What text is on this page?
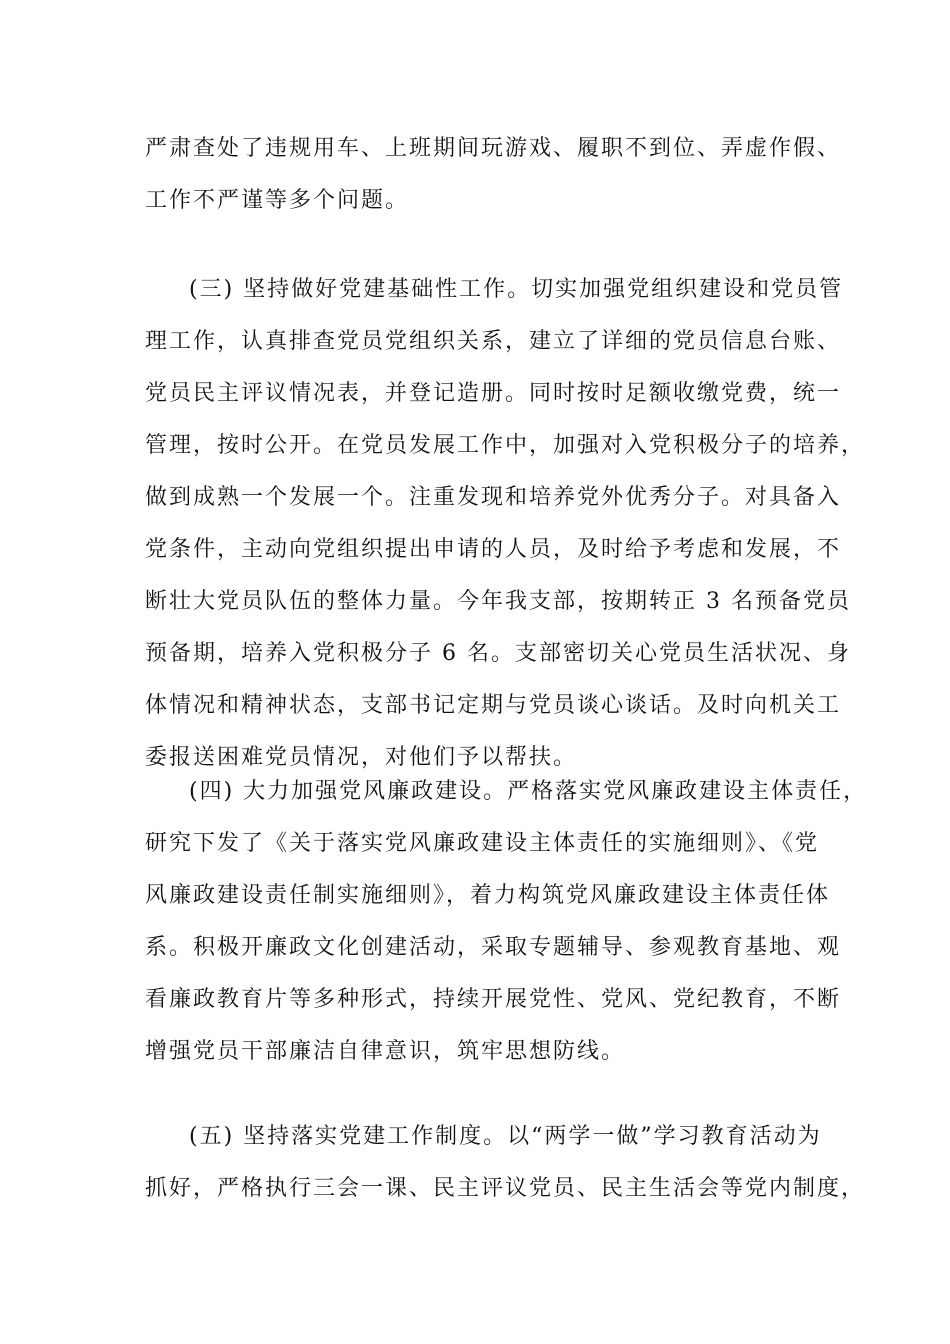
严肃查处了违规用车、上班期间玩游戏、履职不到位、弄虚作假、
工作不严谨等多个问题。
(三) 坚持做好党建基础性工作。切实加强党组织建设和党员管
理工作，认真排查党员党组织关系，建立了详细的党员信息台账、
党员民主评议情况表，并登记造册。同时按时足额收缴党费，统一
管理，按时公开。在党员发展工作中，加强对入党积极分子的培养，
做到成熟一个发展一个。注重发现和培养党外优秀分子。对具备入
党条件，主动向党组织提出申请的人员，及时给予考虑和发展，不
断壮大党员队伍的整体力量。今年我支部，按期转正 3 名预备党员
预备期，培养入党积极分子 6 名。支部密切关心党员生活状况、身
体情况和精神状态，支部书记定期与党员谈心谈话。及时向机关工
委报送困难党员情况，对他们予以帮扶。
(四) 大力加强党风廉政建设。严格落实党风廉政建设主体责任，
研究下发了《关于落实党风廉政建设主体责任的实施细则》、《党
风廉政建设责任制实施细则》，着力构筑党风廉政建设主体责任体
系。积极开廉政文化创建活动，采取专题辅导、参观教育基地、观
看廉政教育片等多种形式，持续开展党性、党风、党纪教育，不断
增强党员干部廉洁自律意识，筑牢思想防线。
(五) 坚持落实党建工作制度。以“两学一做”学习教育活动为
抓好，严格执行三会一课、民主评议党员、民主生活会等党内制度，
